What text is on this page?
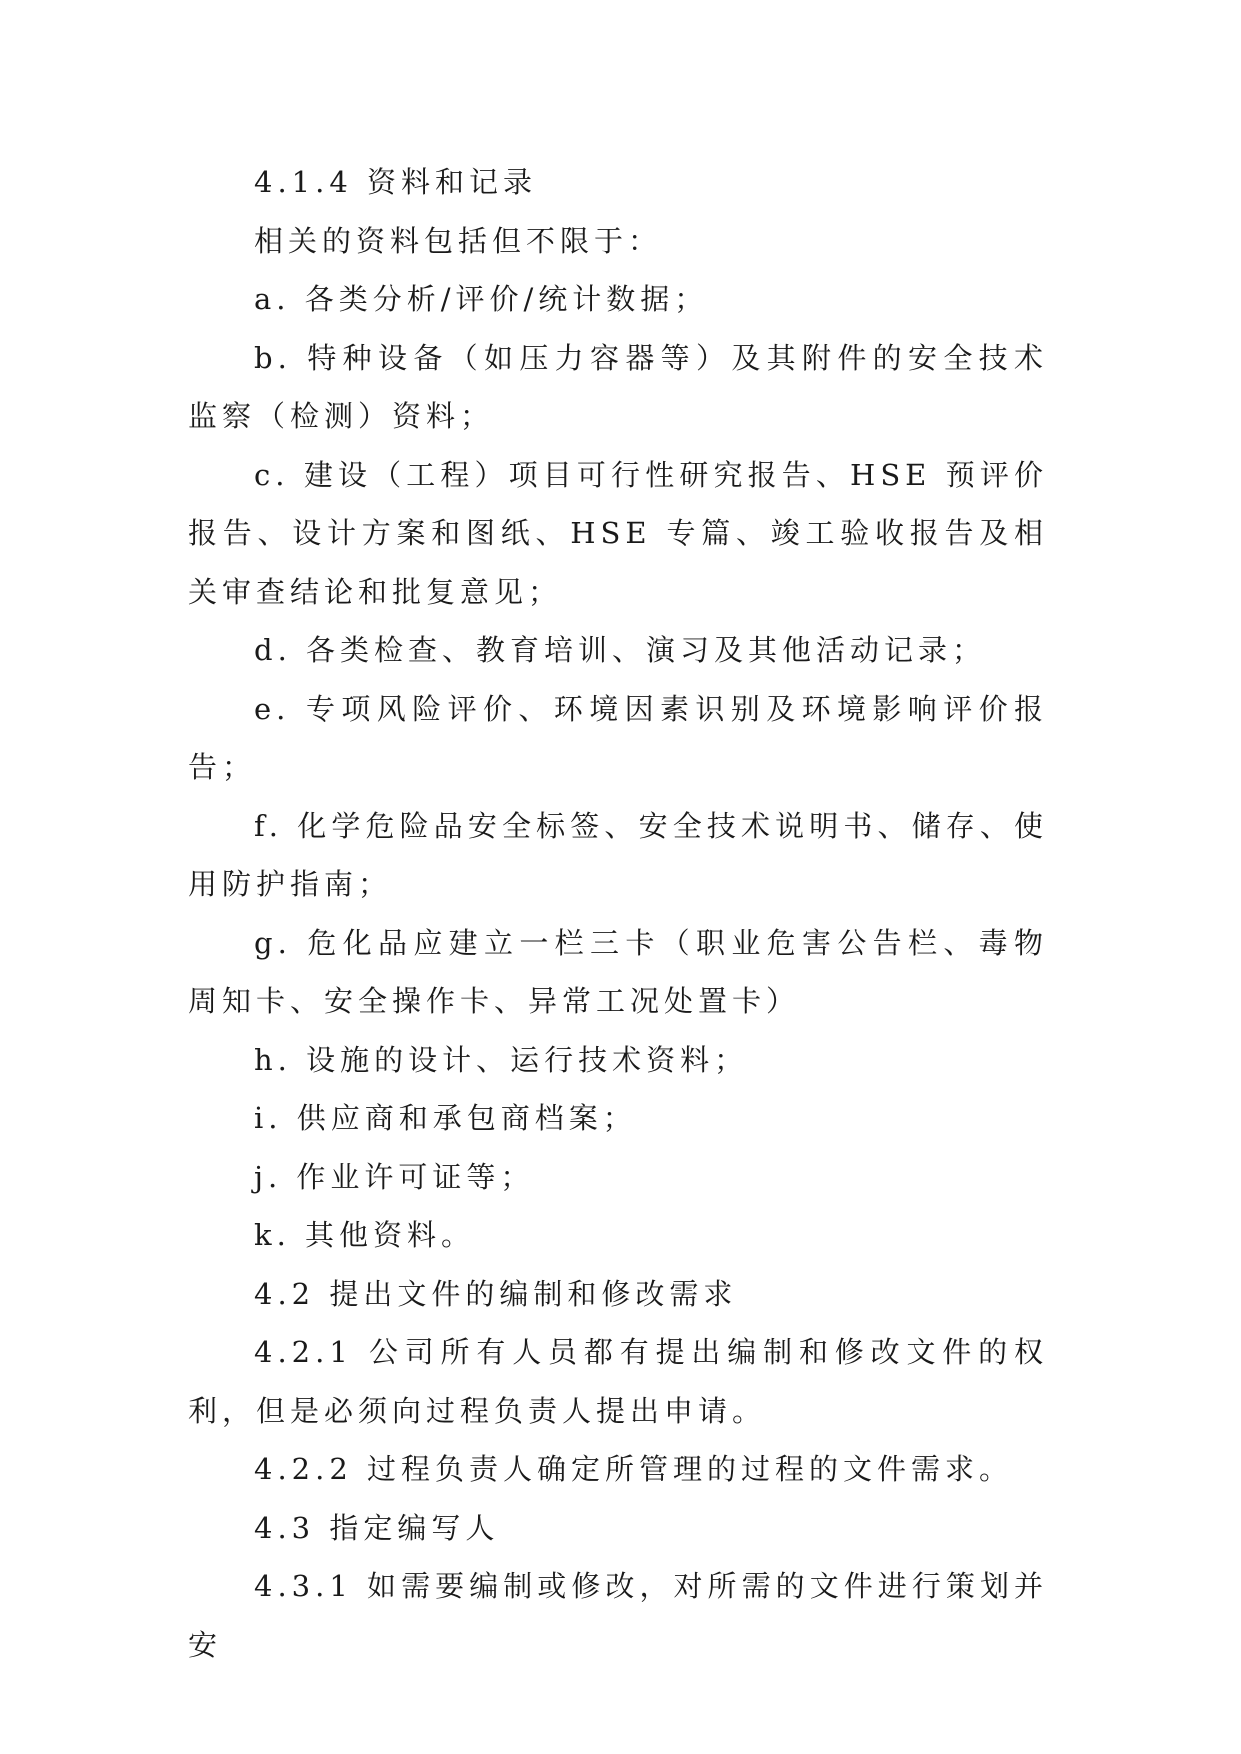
4.1.4 资料和记录

相关的资料包括但不限于：

a. 各类分析/评价/统计数据；

b. 特种设备（如压力容器等）及其附件的安全技术监察（检测）资料；

c. 建设（工程）项目可行性研究报告、HSE 预评价报告、设计方案和图纸、HSE 专篇、竣工验收报告及相关审查结论和批复意见；

d. 各类检查、教育培训、演习及其他活动记录；

e. 专项风险评价、环境因素识别及环境影响评价报告；

f. 化学危险品安全标签、安全技术说明书、储存、使用防护指南；

g. 危化品应建立一栏三卡（职业危害公告栏、毒物周知卡、安全操作卡、异常工况处置卡）

h. 设施的设计、运行技术资料；

i. 供应商和承包商档案；

j. 作业许可证等；

k. 其他资料。

4.2 提出文件的编制和修改需求

4.2.1 公司所有人员都有提出编制和修改文件的权利，但是必须向过程负责人提出申请。

4.2.2 过程负责人确定所管理的过程的文件需求。

4.3 指定编写人

4.3.1 如需要编制或修改，对所需的文件进行策划并安
